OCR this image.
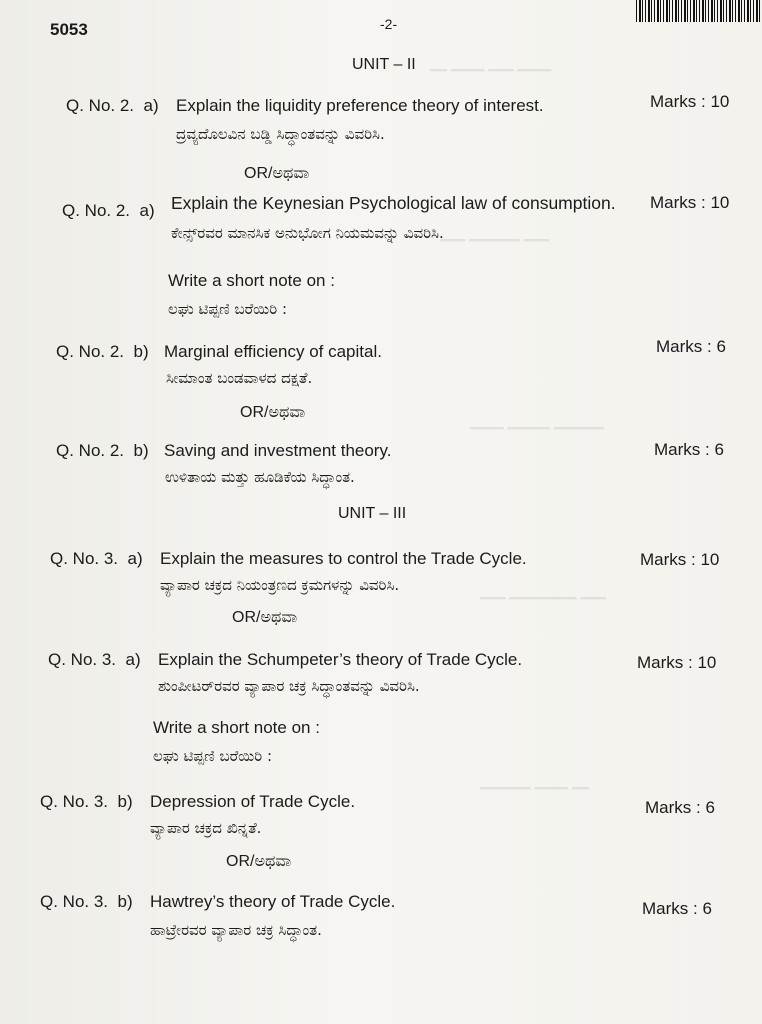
━━ ━━━━ ━━━ ━━━━
━━━ ━━━━━━ ━━━
━━━━ ━━━━━ ━━━━━━
━━━ ━━━━━━━━ ━━━
━━━━━━ ━━━━ ━━
5053	-2-
UNIT – II
Q. No. 2. a) Explain the liquidity preference theory of interest.
ದ್ರವ್ಯದೊಲವಿನ ಬಡ್ಡಿ ಸಿದ್ಧಾಂತವನ್ನು ವಿವರಿಸಿ.
Marks : 10
OR/ಅಥವಾ
Q. No. 2. a) Explain the Keynesian Psychological law of consumption.
ಕೇನ್ಸ್‌ರವರ ಮಾನಸಿಕ ಅನುಭೋಗ ನಿಯಮವನ್ನು ವಿವರಿಸಿ.
Marks : 10
Write a short note on :
ಲಘು ಟಿಪ್ಪಣಿ ಬರೆಯಿರಿ :
Q. No. 2. b) Marginal efficiency of capital.
ಸೀಮಾಂತ ಬಂಡವಾಳದ ದಕ್ಷತೆ.
Marks : 6
OR/ಅಥವಾ
Q. No. 2. b) Saving and investment theory.
ಉಳಿತಾಯ ಮತ್ತು ಹೂಡಿಕೆಯ ಸಿದ್ಧಾಂತ.
Marks : 6
UNIT – III
Q. No. 3. a) Explain the measures to control the Trade Cycle.
ವ್ಯಾಪಾರ ಚಕ್ರದ ನಿಯಂತ್ರಣದ ಕ್ರಮಗಳನ್ನು ವಿವರಿಸಿ.
Marks : 10
OR/ಅಥವಾ
Q. No. 3. a) Explain the Schumpeter’s theory of Trade Cycle.
ಶುಂಪೀಟರ್‌ರವರ ವ್ಯಾಪಾರ ಚಕ್ರ ಸಿದ್ಧಾಂತವನ್ನು ವಿವರಿಸಿ.
Marks : 10
Write a short note on :
ಲಘು ಟಿಪ್ಪಣಿ ಬರೆಯಿರಿ :
Q. No. 3. b) Depression of Trade Cycle.
ವ್ಯಾಪಾರ ಚಕ್ರದ ಖಿನ್ನತೆ.
Marks : 6
OR/ಅಥವಾ
Q. No. 3. b) Hawtrey’s theory of Trade Cycle.
ಹಾಟ್ರೇರವರ ವ್ಯಾಪಾರ ಚಕ್ರ ಸಿದ್ಧಾಂತ.
Marks : 6
